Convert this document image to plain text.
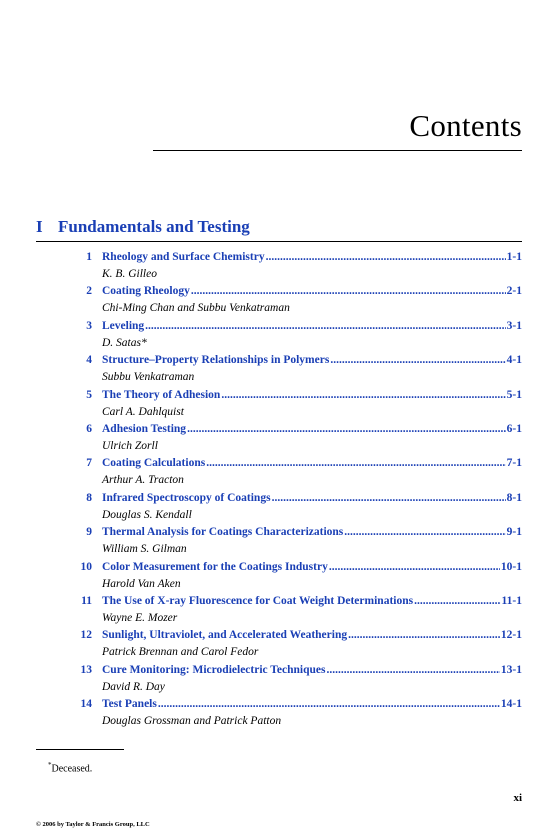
Contents
I Fundamentals and Testing
1 Rheology and Surface Chemistry .....	1-1
K. B. Gilleo
2 Coating Rheology .....	2-1
Chi-Ming Chan and Subbu Venkatraman
3 Leveling .....	3-1
D. Satas*
4 Structure–Property Relationships in Polymers .....	4-1
Subbu Venkatraman
5 The Theory of Adhesion .....	5-1
Carl A. Dahlquist
6 Adhesion Testing .....	6-1
Ulrich Zorll
7 Coating Calculations .....	7-1
Arthur A. Tracton
8 Infrared Spectroscopy of Coatings .....	8-1
Douglas S. Kendall
9 Thermal Analysis for Coatings Characterizations .....	9-1
William S. Gilman
10 Color Measurement for the Coatings Industry .....	10-1
Harold Van Aken
11 The Use of X-ray Fluorescence for Coat Weight Determinations .....	11-1
Wayne E. Mozer
12 Sunlight, Ultraviolet, and Accelerated Weathering .....	12-1
Patrick Brennan and Carol Fedor
13 Cure Monitoring: Microdielectric Techniques .....	13-1
David R. Day
14 Test Panels .....	14-1
Douglas Grossman and Patrick Patton
*Deceased.
xi
© 2006 by Taylor & Francis Group, LLC
